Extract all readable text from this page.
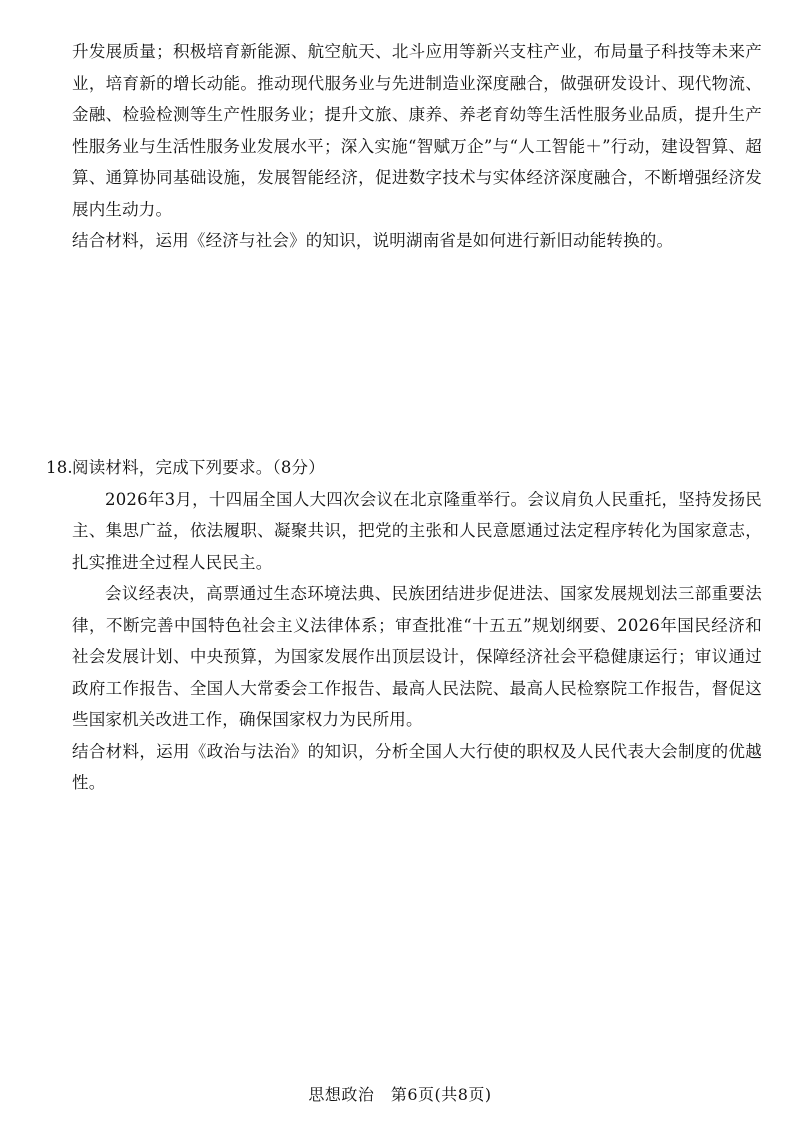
升发展质量；积极培育新能源、航空航天、北斗应用等新兴支柱产业，布局量子科技等未来产业，培育新的增长动能。推动现代服务业与先进制造业深度融合，做强研发设计、现代物流、金融、检验检测等生产性服务业；提升文旅、康养、养老育幼等生活性服务业品质，提升生产性服务业与生活性服务业发展水平；深入实施“智赋万企”与“人工智能＋”行动，建设智算、超算、通算协同基础设施，发展智能经济，促进数字技术与实体经济深度融合，不断增强经济发展内生动力。

结合材料，运用《经济与社会》的知识，说明湖南省是如何进行新旧动能转换的。

18. 阅读材料，完成下列要求。（8分）

2026年3月，十四届全国人大四次会议在北京隆重举行。会议肩负人民重托，坚持发扬民主、集思广益，依法履职、凝聚共识，把党的主张和人民意愿通过法定程序转化为国家意志，扎实推进全过程人民民主。

会议经表决，高票通过生态环境法典、民族团结进步促进法、国家发展规划法三部重要法律，不断完善中国特色社会主义法律体系；审查批准“十五五”规划纲要、2026年国民经济和社会发展计划、中央预算，为国家发展作出顶层设计，保障经济社会平稳健康运行；审议通过政府工作报告、全国人大常委会工作报告、最高人民法院、最高人民检察院工作报告，督促这些国家机关改进工作，确保国家权力为民所用。

结合材料，运用《政治与法治》的知识，分析全国人大行使的职权及人民代表大会制度的优越性。

思想政治　第6页(共8页)
